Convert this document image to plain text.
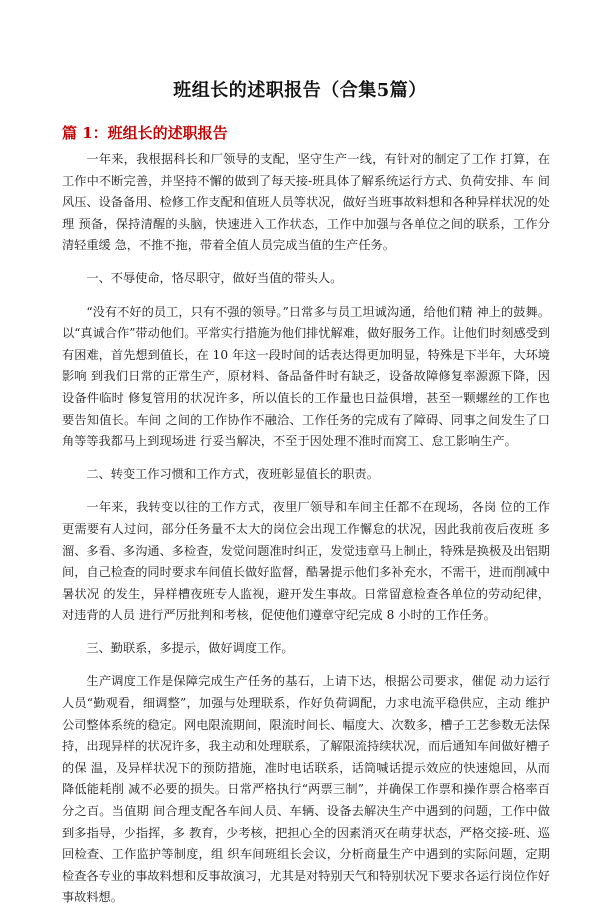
班组长的述职报告（合集5篇）
篇 1：班组长的述职报告

一年来，我根据科长和厂领导的支配，坚守生产一线，有针对的制定了工作 打算，在工作中不断完善，并坚持不懈的做到了每天接-班具体了解系统运行方式、负荷安排、车 间风压、设备备用、检修工作支配和值班人员等状况，做好当班事故料想和各种异样状况的处理 预备，保持清醒的头脑，快速进入工作状态，工作中加强与各单位之间的联系，工作分清轻重缓 急，不推不拖，带着全值人员完成当值的生产任务。

一、不辱使命，恪尽职守，做好当值的带头人。

“没有不好的员工，只有不强的领导。”日常多与员工坦诚沟通，给他们精 神上的鼓舞。以“真诚合作”带动他们。平常实行措施为他们排忧解难，做好服务工作。让他们时刻感受到有困难，首先想到值长，在 10 年这一段时间的话表达得更加明显，特殊是下半年，大环境影响 到我们日常的正常生产，原材料、备品备件时有缺乏，设备故障修复率源源下降，因设备件临时 修复管用的状况许多，所以值长的工作量也日益俱增，甚至一颗螺丝的工作也要告知值长。车间 之间的工作协作不融洽、工作任务的完成有了障碍、同事之间发生了口角等等我都马上到现场进 行妥当解决，不至于因处理不准时而窝工、怠工影响生产。

二、转变工作习惯和工作方式，夜班彰显值长的职责。

一年来，我转变以往的工作方式，夜里厂领导和车间主任都不在现场，各岗 位的工作更需要有人过问，部分任务量不太大的岗位会出现工作懈怠的状况，因此我前夜后夜班 多溜、多看、多沟通、多检查，发觉问题准时纠正，发觉违章马上制止，特殊是换极及出铝期间，自己检查的同时要求车间值长做好监督，酷暑提示他们多补充水，不需干，进而削减中暑状况 的发生，异样槽夜班专人监视，避开发生事故。日常留意检查各单位的劳动纪律，对违背的人员 进行严厉批判和考核，促使他们遵章守纪完成 8 小时的工作任务。

三、勤联系，多提示，做好调度工作。

生产调度工作是保障完成生产任务的基石，上请下达，根据公司要求，催促 动力运行人员“勤观看，细调整”，加强与处理联系，作好负荷调配，力求电流平稳供应，主动 维护公司整体系统的稳定。网电限流期间，限流时间长、幅度大、次数多，槽子工艺参数无法保 持，出现异样的状况许多，我主动和处理联系，了解限流持续状况，而后通知车间做好槽子的保 温，及异样状况下的预防措施，准时电话联系，话筒喊话提示效应的快速熄回，从而降低能耗削 减不必要的损失。日常严格执行“两票三制”，并确保工作票和操作票合格率百分之百。当值期 间合理支配各车间人员、车辆、设备去解决生产中遇到的问题，工作中做到多指导，少指挥，多 教育，少考核，把担心全的因素消灭在萌芽状态，严格交接-班、巡回检查、工作监护等制度，组 织车间班组长会议，分析商量生产中遇到的实际问题，定期检查各专业的事故料想和反事故演习，尤其是对特别天气和特别状况下要求各运行岗位作好事故料想。
